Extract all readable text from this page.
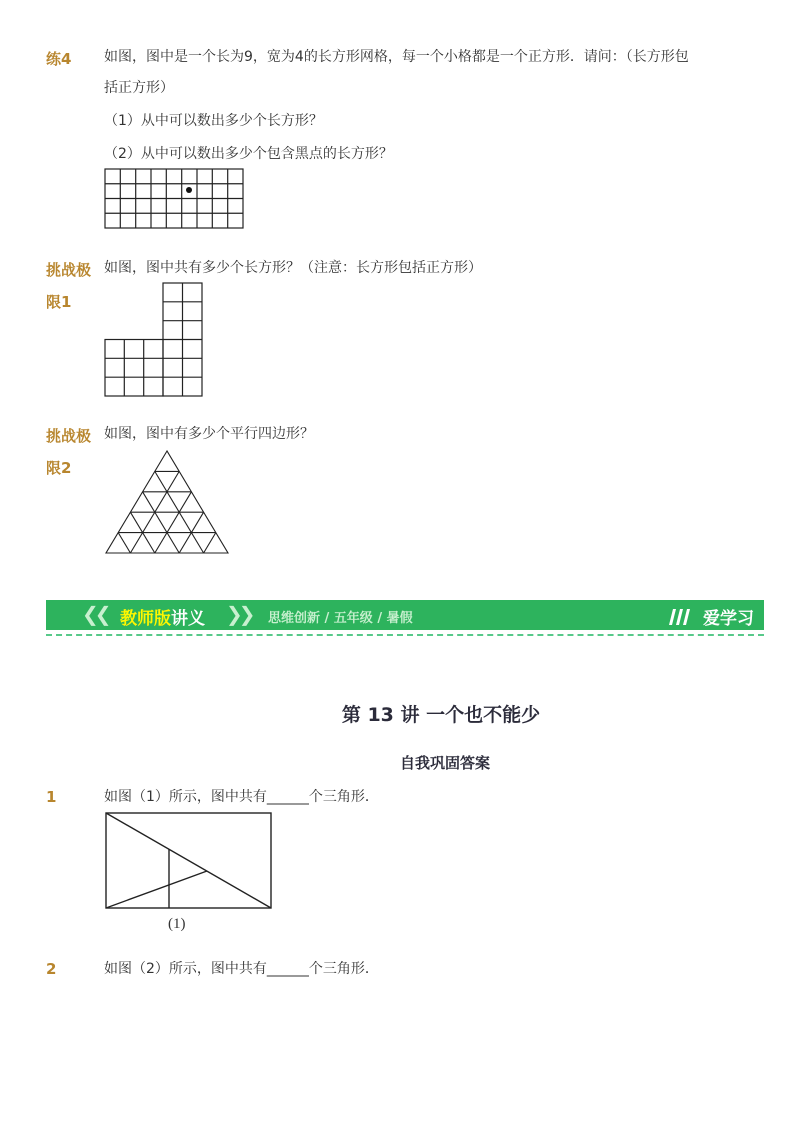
练4 如图，图中是一个长为9，宽为4的长方形网格，每一个小格都是一个正方形．请问：（长方形包
括正方形）
（1）从中可以数出多少个长方形？
（2）从中可以数出多少个包含黑点的长方形？
挑战极
限1
如图，图中共有多少个长方形？（注意：长方形包括正方形）
挑战极
限2
如图，图中有多少个平行四边形？
❮❮ 教师版讲义 ❯❯ 思维创新 / 五年级 / 暑假	爱学习
第 13 讲 一个也不能少
自我巩固答案
1	如图（1）所示，图中共有______个三角形．
(1)
2	如图（2）所示，图中共有______个三角形．
